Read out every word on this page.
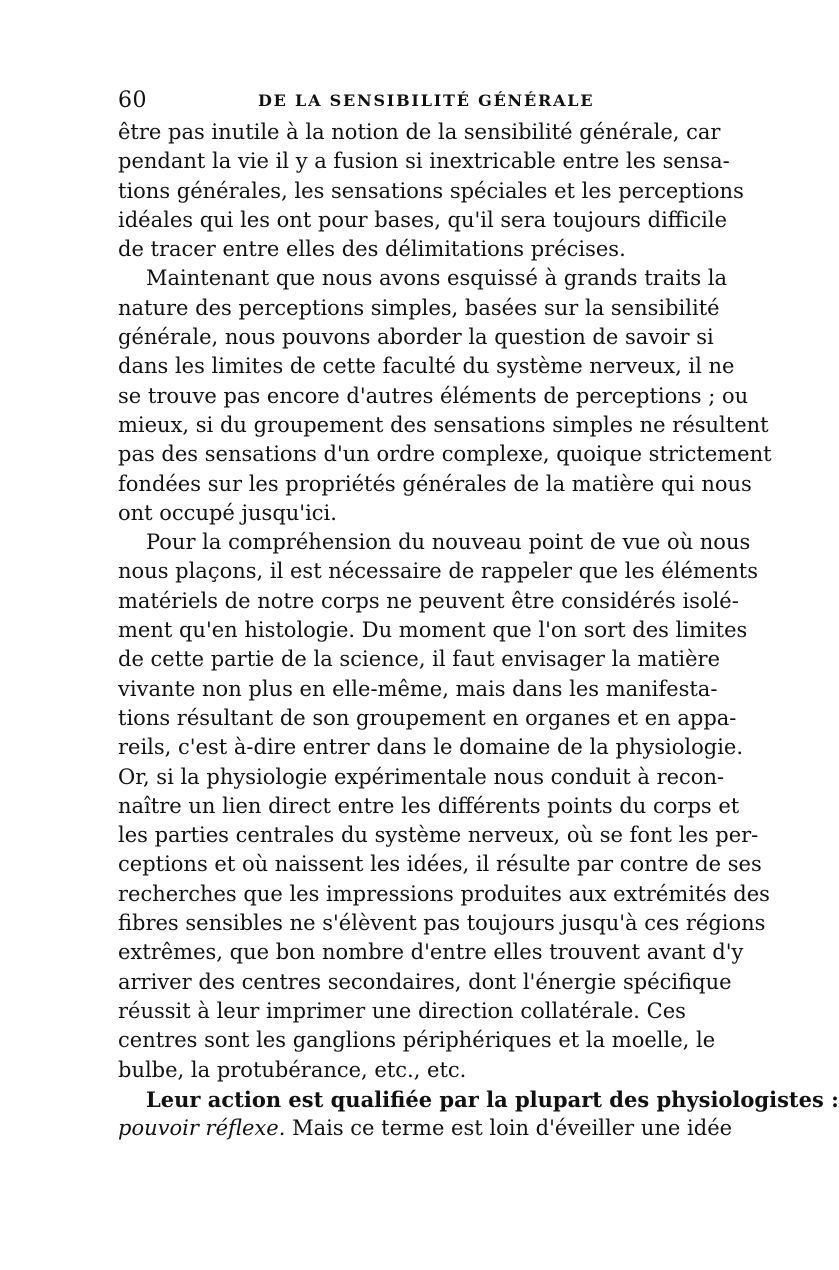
60	DE LA SENSIBILITÉ GÉNÉRALE
être pas inutile à la notion de la sensibilité générale, car
pendant la vie il y a fusion si inextricable entre les sensa-
tions générales, les sensations spéciales et les perceptions
idéales qui les ont pour bases, qu'il sera toujours difficile
de tracer entre elles des délimitations précises.
Maintenant que nous avons esquissé à grands traits la
nature des perceptions simples, basées sur la sensibilité
générale, nous pouvons aborder la question de savoir si
dans les limites de cette faculté du système nerveux, il ne
se trouve pas encore d'autres éléments de perceptions ; ou
mieux, si du groupement des sensations simples ne résultent
pas des sensations d'un ordre complexe, quoique strictement
fondées sur les propriétés générales de la matière qui nous
ont occupé jusqu'ici.
Pour la compréhension du nouveau point de vue où nous
nous plaçons, il est nécessaire de rappeler que les éléments
matériels de notre corps ne peuvent être considérés isolé-
ment qu'en histologie. Du moment que l'on sort des limites
de cette partie de la science, il faut envisager la matière
vivante non plus en elle-même, mais dans les manifesta-
tions résultant de son groupement en organes et en appa-
reils, c'est à-dire entrer dans le domaine de la physiologie.
Or, si la physiologie expérimentale nous conduit à recon-
naître un lien direct entre les différents points du corps et
les parties centrales du système nerveux, où se font les per-
ceptions et où naissent les idées, il résulte par contre de ses
recherches que les impressions produites aux extrémités des
fibres sensibles ne s'élèvent pas toujours jusqu'à ces régions
extrêmes, que bon nombre d'entre elles trouvent avant d'y
arriver des centres secondaires, dont l'énergie spécifique
réussit à leur imprimer une direction collatérale. Ces
centres sont les ganglions périphériques et la moelle, le
bulbe, la protubérance, etc., etc.
Leur action est qualifiée par la plupart des physiologistes :
pouvoir réflexe. Mais ce terme est loin d'éveiller une idée
